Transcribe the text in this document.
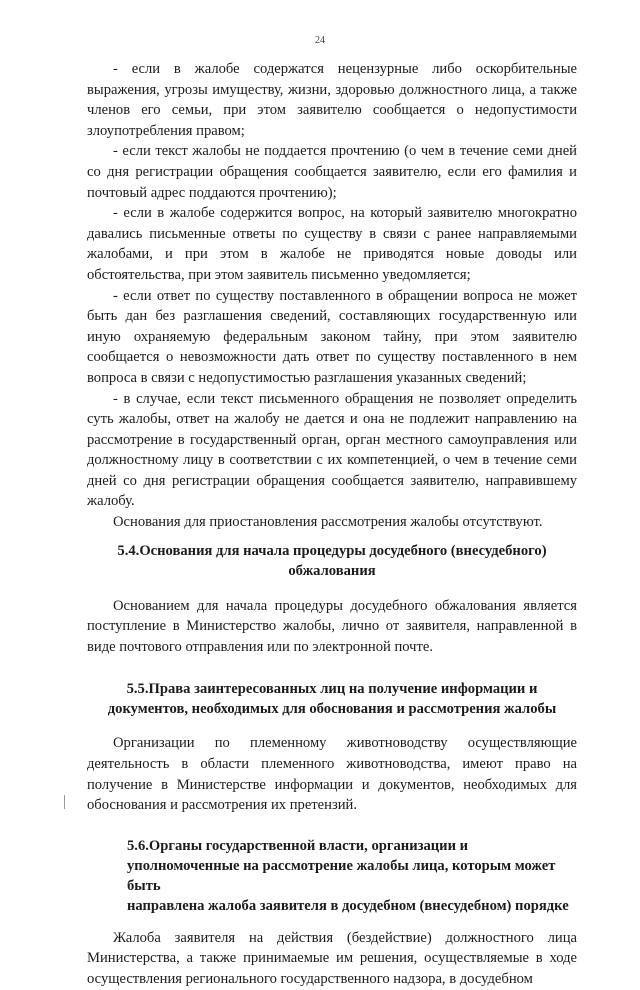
24

- если в жалобе содержатся нецензурные либо оскорбительные выражения, угрозы имуществу, жизни, здоровью должностного лица, а также членов его семьи, при этом заявителю сообщается о недопустимости злоупотребления правом;

- если текст жалобы не поддается прочтению (о чем в течение семи дней со дня регистрации обращения сообщается заявителю, если его фамилия и почтовый адрес поддаются прочтению);

- если в жалобе содержится вопрос, на который заявителю многократно давались письменные ответы по существу в связи с ранее направляемыми жалобами, и при этом в жалобе не приводятся новые доводы или обстоятельства, при этом заявитель письменно уведомляется;

- если ответ по существу поставленного в обращении вопроса не может быть дан без разглашения сведений, составляющих государственную или иную охраняемую федеральным законом тайну, при этом заявителю сообщается о невозможности дать ответ по существу поставленного в нем вопроса в связи с недопустимостью разглашения указанных сведений;

- в случае, если текст письменного обращения не позволяет определить суть жалобы, ответ на жалобу не дается и она не подлежит направлению на рассмотрение в государственный орган, орган местного самоуправления или должностному лицу в соответствии с их компетенцией, о чем в течение семи дней со дня регистрации обращения сообщается заявителю, направившему жалобу.

Основания для приостановления рассмотрения жалобы отсутствуют.

5.4.Основания для начала процедуры досудебного (внесудебного) обжалования

Основанием для начала процедуры досудебного обжалования является поступление в Министерство жалобы, лично от заявителя, направленной в виде почтового отправления или по электронной почте.

5.5.Права заинтересованных лиц на получение информации и документов, необходимых для обоснования и рассмотрения жалобы

Организации по племенному животноводству осуществляющие деятельность в области племенного животноводства, имеют право на получение в Министерстве информации и документов, необходимых для обоснования и рассмотрения их претензий.

5.6.Органы государственной власти, организации и
уполномоченные на рассмотрение жалобы лица, которым может быть
направлена жалоба заявителя в досудебном (внесудебном) порядке

Жалоба заявителя на действия (бездействие) должностного лица Министерства, а также принимаемые им решения, осуществляемые в ходе осуществления регионального государственного надзора, в досудебном
